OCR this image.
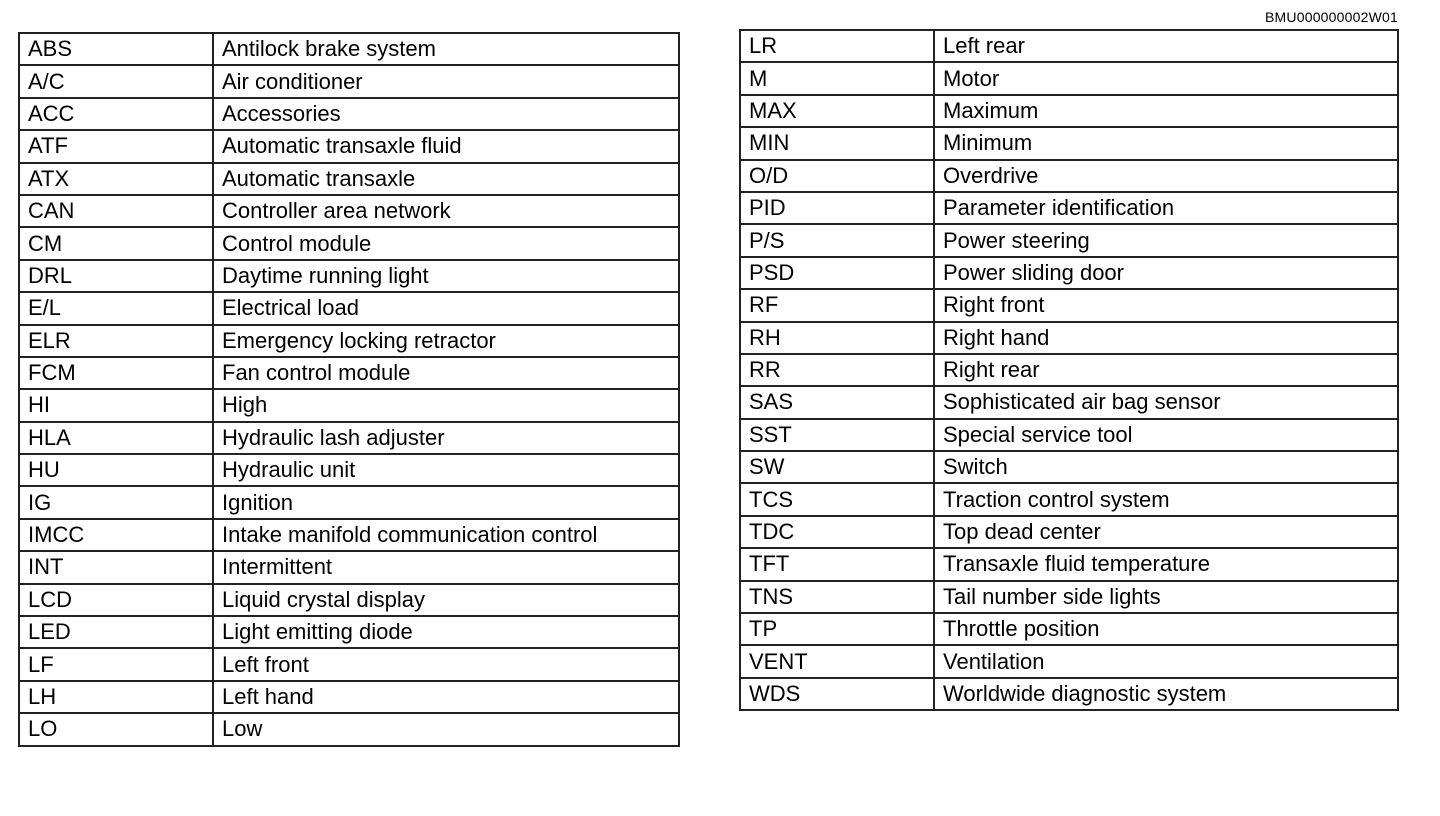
BMU000000002W01
ABS	Antilock brake system
A/C	Air conditioner
ACC	Accessories
ATF	Automatic transaxle fluid
ATX	Automatic transaxle
CAN	Controller area network
CM	Control module
DRL	Daytime running light
E/L	Electrical load
ELR	Emergency locking retractor
FCM	Fan control module
HI	High
HLA	Hydraulic lash adjuster
HU	Hydraulic unit
IG	Ignition
IMCC	Intake manifold communication control
INT	Intermittent
LCD	Liquid crystal display
LED	Light emitting diode
LF	Left front
LH	Left hand
LO	Low
LR	Left rear
M	Motor
MAX	Maximum
MIN	Minimum
O/D	Overdrive
PID	Parameter identification
P/S	Power steering
PSD	Power sliding door
RF	Right front
RH	Right hand
RR	Right rear
SAS	Sophisticated air bag sensor
SST	Special service tool
SW	Switch
TCS	Traction control system
TDC	Top dead center
TFT	Transaxle fluid temperature
TNS	Tail number side lights
TP	Throttle position
VENT	Ventilation
WDS	Worldwide diagnostic system
